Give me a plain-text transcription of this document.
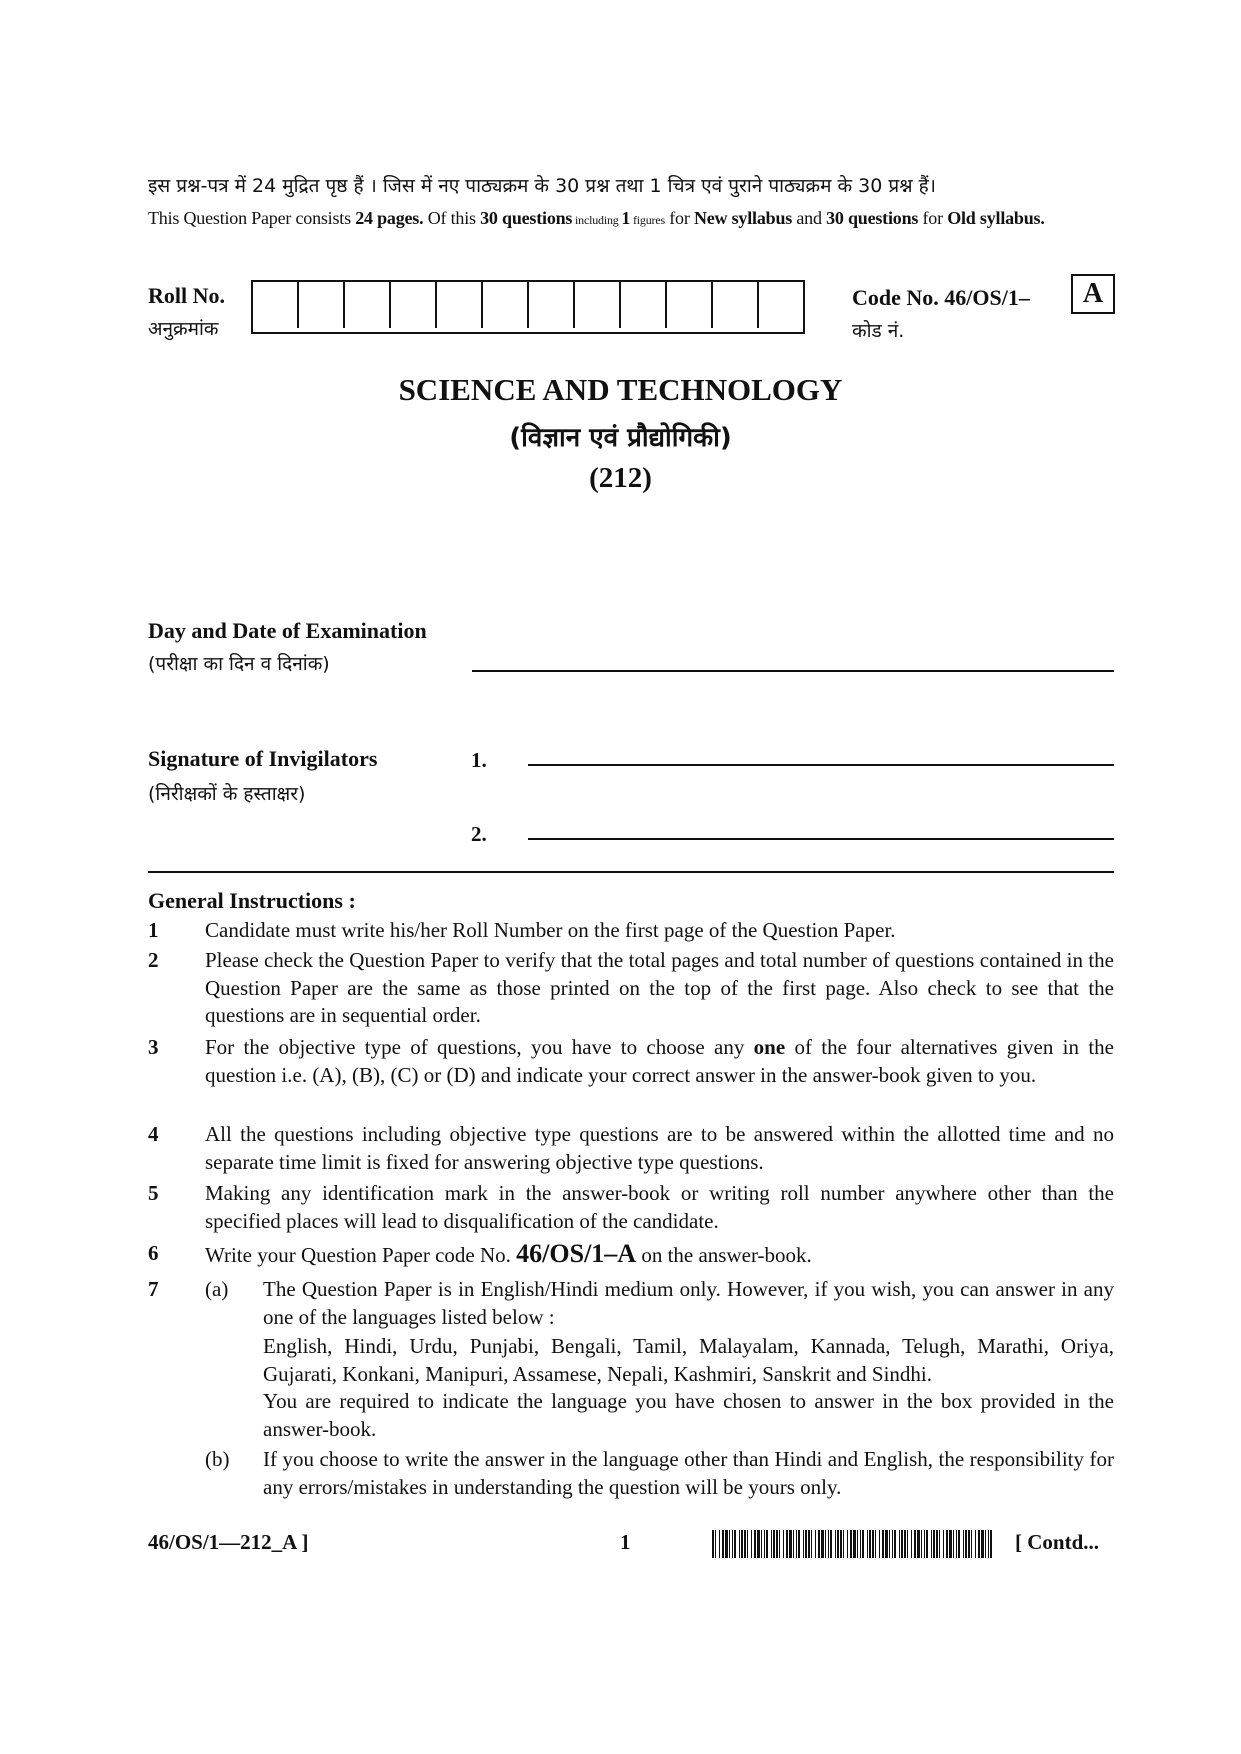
इस प्रश्न-पत्र में 24 मुद्रित पृष्ठ हैं । जिस में नए पाठ्यक्रम के 30 प्रश्न तथा 1 चित्र एवं पुराने पाठ्यक्रम के 30 प्रश्न हैं।
This Question Paper consists 24 pages. Of this 30 questions including 1 figures for New syllabus and 30 questions for Old syllabus.
Roll No.
अनुक्रमांक
Code No. 46/OS/1–	A
कोड नं.
SCIENCE AND TECHNOLOGY
(विज्ञान एवं प्रौद्योगिकी)
(212)
Day and Date of Examination
(परीक्षा का दिन व दिनांक)
Signature of Invigilators
(निरीक्षकों के हस्ताक्षर)
1.
2.
General Instructions :
1 Candidate must write his/her Roll Number on the first page of the Question Paper.
2 Please check the Question Paper to verify that the total pages and total number of questions contained in the Question Paper are the same as those printed on the top of the first page. Also check to see that the questions are in sequential order.
3 For the objective type of questions, you have to choose any one of the four alternatives given in the question i.e. (A), (B), (C) or (D) and indicate your correct answer in the answer-book given to you.
4 All the questions including objective type questions are to be answered within the allotted time and no separate time limit is fixed for answering objective type questions.
5 Making any identification mark in the answer-book or writing roll number anywhere other than the specified places will lead to disqualification of the candidate.
6 Write your Question Paper code No. 46/OS/1–A on the answer-book.
7 (a) The Question Paper is in English/Hindi medium only. However, if you wish, you can answer in any one of the languages listed below :
English, Hindi, Urdu, Punjabi, Bengali, Tamil, Malayalam, Kannada, Telugh, Marathi, Oriya, Gujarati, Konkani, Manipuri, Assamese, Nepali, Kashmiri, Sanskrit and Sindhi.
You are required to indicate the language you have chosen to answer in the box provided in the answer-book.
(b) If you choose to write the answer in the language other than Hindi and English, the responsibility for any errors/mistakes in understanding the question will be yours only.
46/OS/1—212_A ]	1	[ Contd...
